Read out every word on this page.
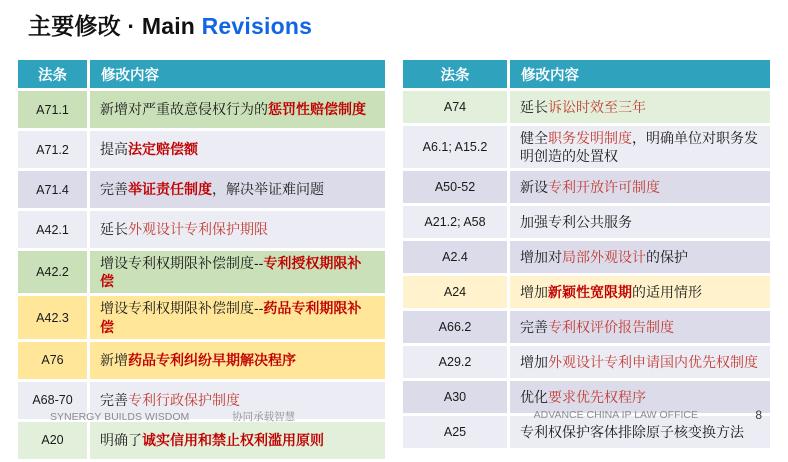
主要修改 · Main Revisions
法条	修改内容
A71.1	新增对严重故意侵权行为的惩罚性赔偿制度
A71.2	提高法定赔偿额
A71.4	完善举证责任制度，解决举证难问题
A42.1	延长外观设计专利保护期限
A42.2	增设专利权期限补偿制度--专利授权期限补偿
A42.3	增设专利权期限补偿制度--药品专利期限补偿
A76	新增药品专利纠纷早期解决程序
A68-70	完善专利行政保护制度
A20	明确了诚实信用和禁止权利滥用原则
法条	修改内容
A74	延长诉讼时效至三年
A6.1; A15.2	健全职务发明制度，明确单位对职务发明创造的处置权
A50-52	新设专利开放许可制度
A21.2; A58	加强专利公共服务
A2.4	增加对局部外观设计的保护
A24	增加新颖性宽限期的适用情形
A66.2	完善专利权评价报告制度
A29.2	增加外观设计专利申请国内优先权制度
A30	优化要求优先权程序
A25	专利权保护客体排除原子核变换方法
SYNERGY BUILDS WISDOM	协同承载智慧	ADVANCE CHINA IP LAW OFFICE	8
